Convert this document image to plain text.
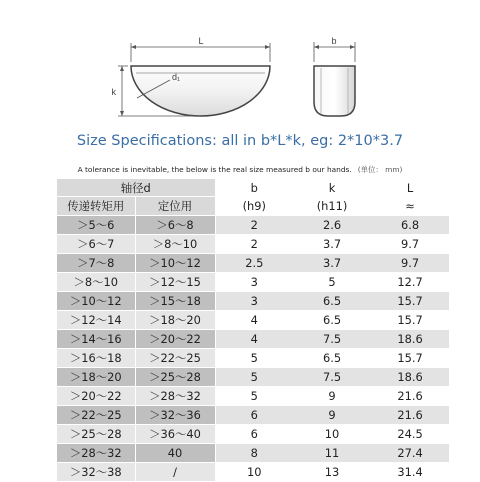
L
d₁
k
b
Size Specifications: all in b*L*k, eg: 2*10*3.7
A tolerance is inevitable, the below is the real size measured b our hands. (单位： mm)
轴径d		b	k	L
传递转矩用	定位用	(h9)	(h11)	≈
＞5～6	＞6～8	2	2.6	6.8
＞6～7	＞8～10	2	3.7	9.7
＞7～8	＞10～12	2.5	3.7	9.7
＞8～10	＞12～15	3	5	12.7
＞10～12	＞15～18	3	6.5	15.7
＞12～14	＞18～20	4	6.5	15.7
＞14～16	＞20～22	4	7.5	18.6
＞16～18	＞22～25	5	6.5	15.7
＞18～20	＞25～28	5	7.5	18.6
＞20～22	＞28～32	5	9	21.6
＞22～25	＞32～36	6	9	21.6
＞25～28	＞36～40	6	10	24.5
＞28～32	40	8	11	27.4
＞32～38	/	10	13	31.4
